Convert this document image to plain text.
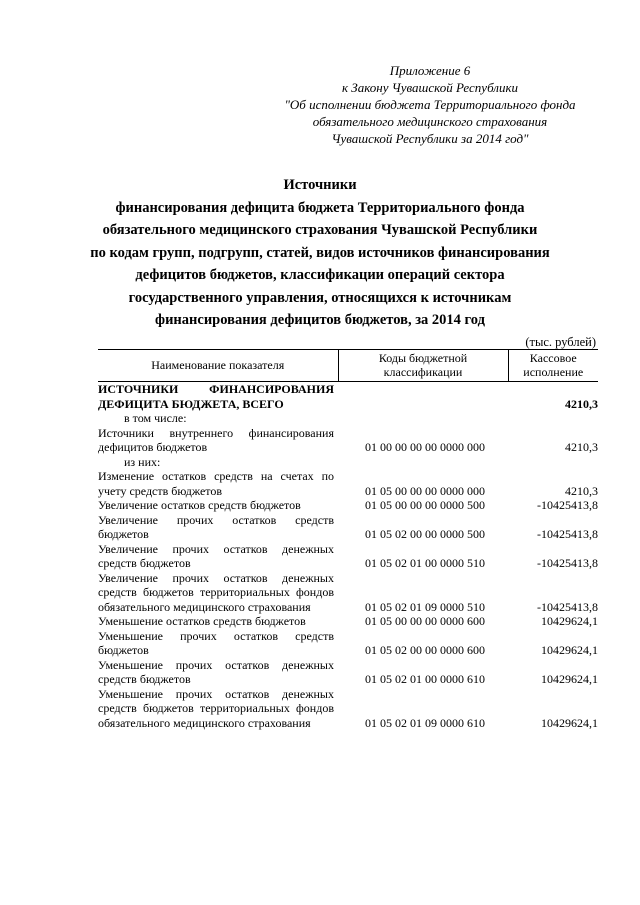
Приложение 6
к Закону Чувашской Республики
"Об исполнении бюджета Территориального фонда
обязательного медицинского страхования
Чувашской Республики за 2014 год"
Источники
финансирования дефицита бюджета Территориального фонда
обязательного медицинского страхования Чувашской Республики
по кодам групп, подгрупп, статей, видов источников финансирования
дефицитов бюджетов, классификации операций сектора
государственного управления, относящихся к источникам
финансирования дефицитов бюджетов, за 2014 год
(тыс. рублей)
Наименование показателя	Коды бюджетной классификации	Кассовое исполнение
ИСТОЧНИКИ ФИНАНСИРОВАНИЯ ДЕФИЦИТА БЮДЖЕТА, ВСЕГО		4210,3
в том числе:		
Источники внутреннего финансирования дефицитов бюджетов	01 00 00 00 00 0000 000	4210,3
из них:		
Изменение остатков средств на счетах по учету средств бюджетов	01 05 00 00 00 0000 000	4210,3
Увеличение остатков средств бюджетов	01 05 00 00 00 0000 500	-10425413,8
Увеличение прочих остатков средств бюджетов	01 05 02 00 00 0000 500	-10425413,8
Увеличение прочих остатков денежных средств бюджетов	01 05 02 01 00 0000 510	-10425413,8
Увеличение прочих остатков денежных средств бюджетов территориальных фондов обязательного медицинского страхования	01 05 02 01 09 0000 510	-10425413,8
Уменьшение остатков средств бюджетов	01 05 00 00 00 0000 600	10429624,1
Уменьшение прочих остатков средств бюджетов	01 05 02 00 00 0000 600	10429624,1
Уменьшение прочих остатков денежных средств бюджетов	01 05 02 01 00 0000 610	10429624,1
Уменьшение прочих остатков денежных средств бюджетов территориальных фондов обязательного медицинского страхования	01 05 02 01 09 0000 610	10429624,1
